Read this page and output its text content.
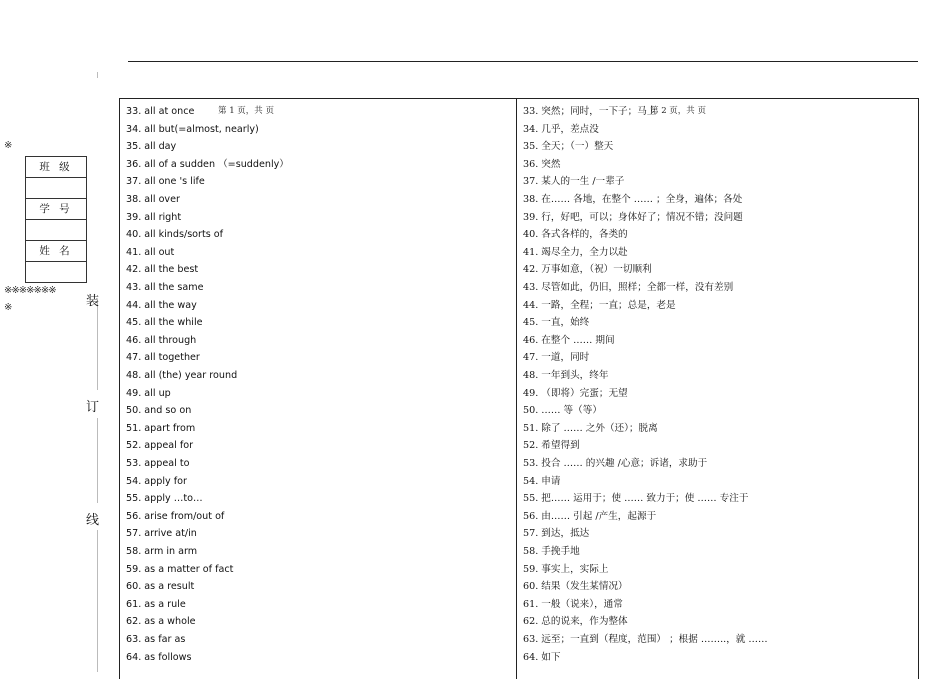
※
班 级
学 号
姓 名
※※※※※※※
※	装
订
线
33. all at once
34. all but(=almost, nearly)
35. all day
36. all of a sudden （=suddenly）
37. all one 's life
38. all over
39. all right
40. all kinds/sorts of
41. all out
42. all the best
43. all the same
44. all the way
45. all the while
46. all through
47. all together
48. all (the) year round
49. all up
50. and so on
51. apart from
52. appeal for
53. appeal to
54. apply for
55. apply …to…
56. arise from/out of
57. arrive at/in
58. arm in arm
59. as a matter of fact
60. as a result
61. as a rule
62. as a whole
63. as far as
64. as follows
33. 突然；同时，一下子；马上
34. 几乎，差点没
35. 全天；（一）整天
36. 突然
37. 某人的一生 /一辈子
38. 在…… 各地，在整个 …… ；全身，遍体；各处
39. 行，好吧，可以；身体好了；情况不错；没问题
40. 各式各样的，各类的
41. 竭尽全力，全力以赴
42. 万事如意，（祝）一切顺利
43. 尽管如此，仍旧，照样；全都一样，没有差别
44. 一路，全程；一直；总是，老是
45. 一直，始终
46. 在整个 …… 期间
47. 一道，同时
48. 一年到头，终年
49. （即将）完蛋；无望
50. …… 等（等）
51. 除了 …… 之外（还）；脱离
52. 希望得到
53. 投合 …… 的兴趣 /心意；诉诸，求助于
54. 申请
55. 把…… 运用于；使 …… 致力于；使 …… 专注于
56. 由…… 引起 /产生，起源于
57. 到达，抵达
58. 手挽手地
59. 事实上，实际上
60. 结果（发生某情况）
61. 一般（说来），通常
62. 总的说来，作为整体
63. 远至；一直到（程度，范围） ；根据 ……..，就 ……
64. 如下
第 1 页，共 页	第 2 页，共 页
